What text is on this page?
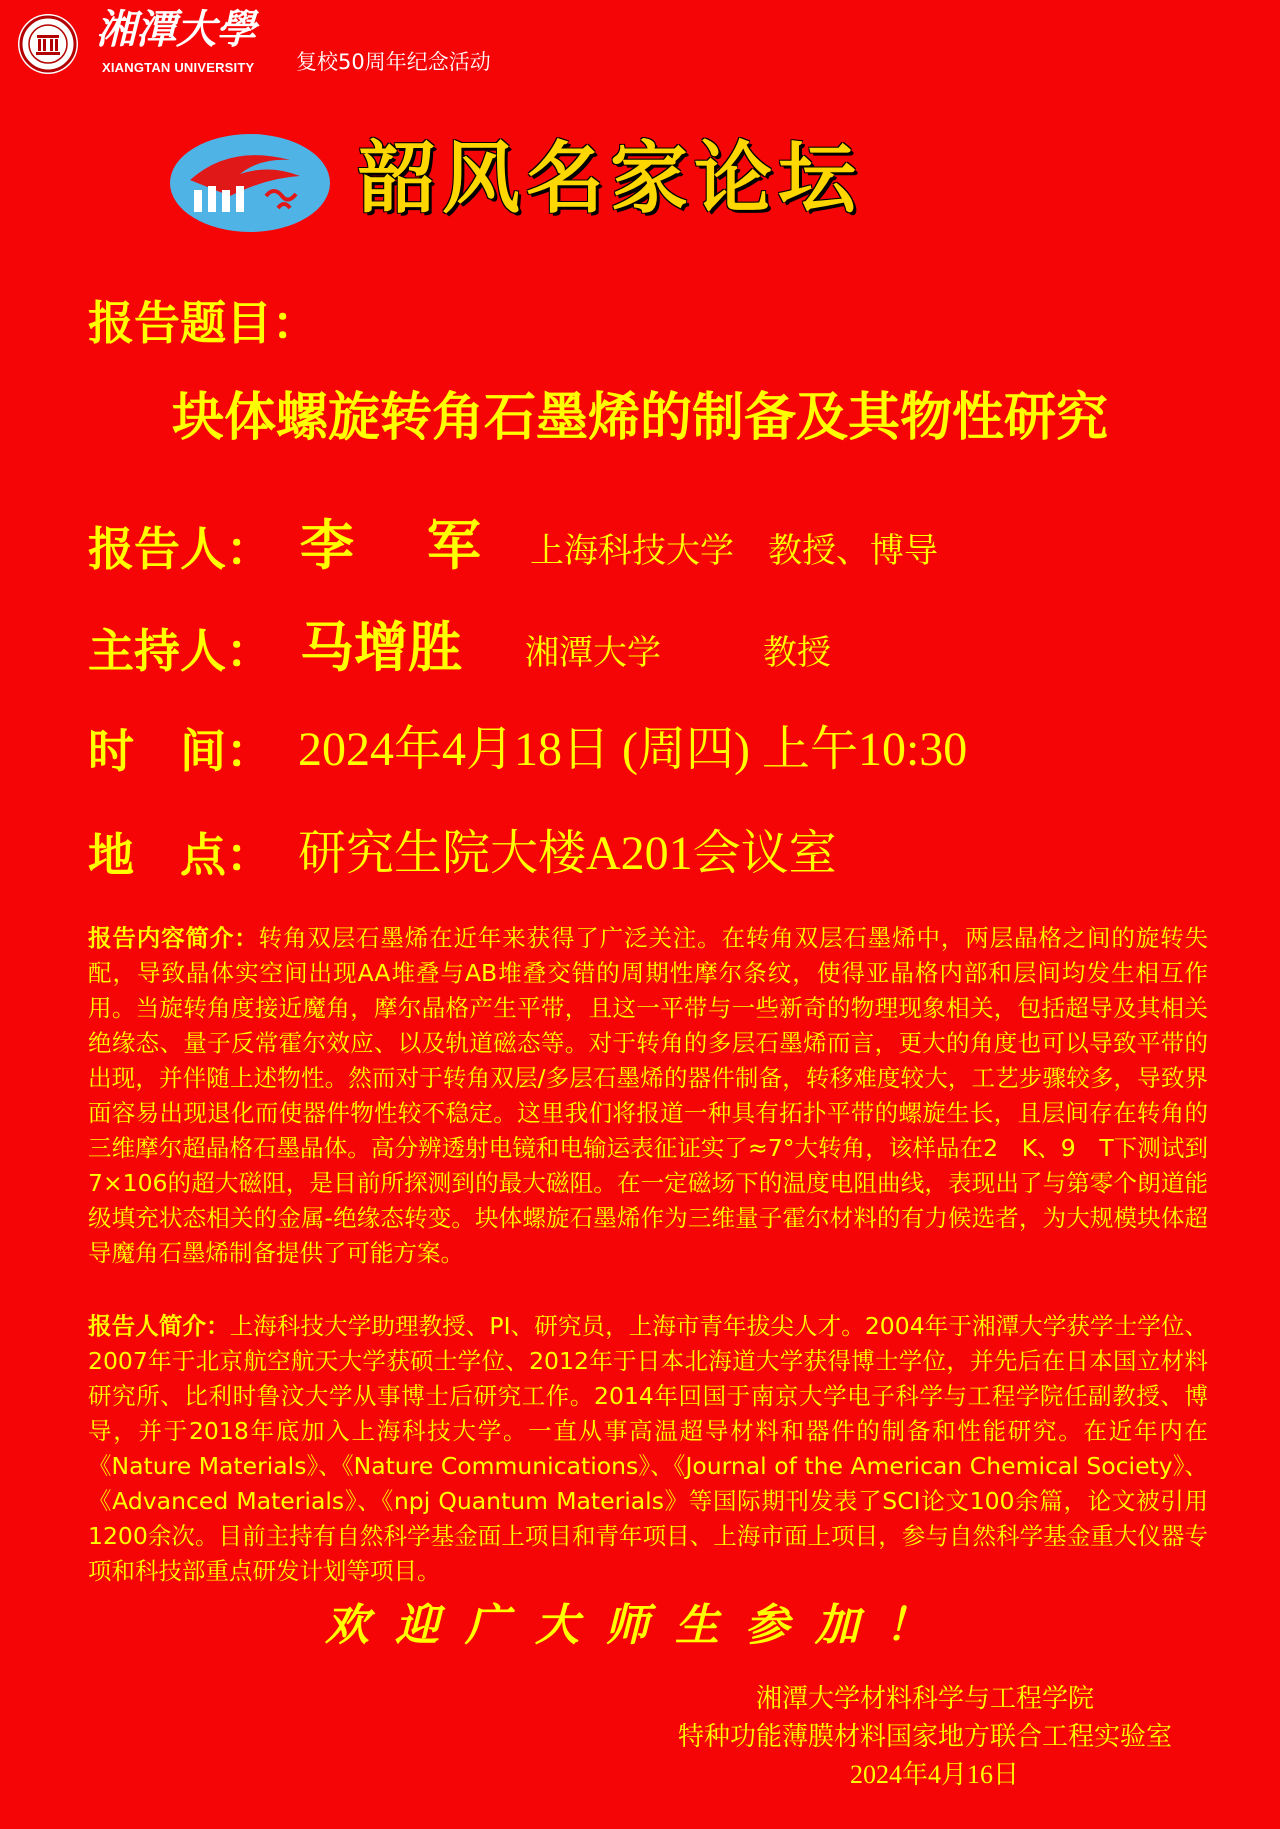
湘潭大學
XIANGTAN UNIVERSITY 复校50周年纪念活动
韶风名家论坛
报告题目：
块体螺旋转角石墨烯的制备及其物性研究
报告人： 李　 军 上海科技大学　教授、博导
主持人： 马增胜 湘潭大学　　　教授
时　间： 2024年4月18日 (周四) 上午10:30
地　点： 研究生院大楼A201会议室

报告内容简介：转角双层石墨烯在近年来获得了广泛关注。在转角双层石墨烯中，两层晶格之间的旋转失配，导致晶体实空间出现AA堆叠与AB堆叠交错的周期性摩尔条纹，使得亚晶格内部和层间均发生相互作用。当旋转角度接近魔角，摩尔晶格产生平带，且这一平带与一些新奇的物理现象相关，包括超导及其相关绝缘态、量子反常霍尔效应、以及轨道磁态等。对于转角的多层石墨烯而言，更大的角度也可以导致平带的出现，并伴随上述物性。然而对于转角双层/多层石墨烯的器件制备，转移难度较大，工艺步骤较多，导致界面容易出现退化而使器件物性较不稳定。这里我们将报道一种具有拓扑平带的螺旋生长，且层间存在转角的三维摩尔超晶格石墨晶体。高分辨透射电镜和电输运表征证实了≈7°大转角，该样品在2　K、9　T下测试到7×106的超大磁阻，是目前所探测到的最大磁阻。在一定磁场下的温度电阻曲线，表现出了与第零个朗道能级填充状态相关的金属-绝缘态转变。块体螺旋石墨烯作为三维量子霍尔材料的有力候选者，为大规模块体超导魔角石墨烯制备提供了可能方案。

报告人简介：上海科技大学助理教授、PI、研究员，上海市青年拔尖人才。2004年于湘潭大学获学士学位、2007年于北京航空航天大学获硕士学位、2012年于日本北海道大学获得博士学位，并先后在日本国立材料研究所、比利时鲁汶大学从事博士后研究工作。2014年回国于南京大学电子科学与工程学院任副教授、博导，并于2018年底加入上海科技大学。一直从事高温超导材料和器件的制备和性能研究。在近年内在《Nature Materials》、《Nature Communications》、《Journal of the American Chemical Society》、《Advanced Materials》、《npj Quantum Materials》等国际期刊发表了SCI论文100余篇，论文被引用1200余次。目前主持有自然科学基金面上项目和青年项目、上海市面上项目，参与自然科学基金重大仪器专项和科技部重点研发计划等项目。

欢迎广大师生参加！
湘潭大学材料科学与工程学院
特种功能薄膜材料国家地方联合工程实验室
2024年4月16日
